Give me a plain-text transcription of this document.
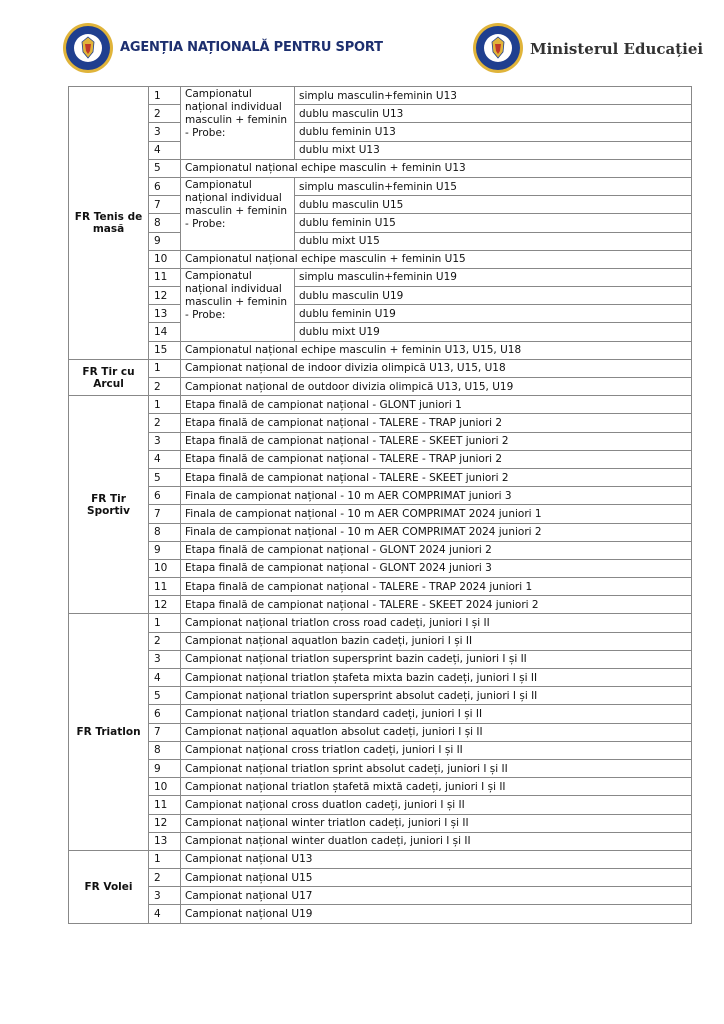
AGENȚIA NAȚIONALĂ PENTRU SPORT	Ministerul Educației
FR Tenis de masă	1	Campionatul național individual masculin + feminin - Probe:	simplu masculin+feminin U13
	2		dublu masculin U13
	3		dublu feminin U13
	4		dublu mixt U13
	5	Campionatul național echipe masculin + feminin U13	
	6	Campionatul național individual masculin + feminin - Probe:	simplu masculin+feminin U15
	7		dublu masculin U15
	8		dublu feminin U15
	9		dublu mixt U15
	10	Campionatul național echipe masculin + feminin U15	
	11	Campionatul național individual masculin + feminin - Probe:	simplu masculin+feminin U19
	12		dublu masculin U19
	13		dublu feminin U19
	14		dublu mixt U19
	15	Campionatul național echipe masculin + feminin U13, U15, U18	
FR Tir cu Arcul	1	Campionat național de indoor divizia olimpică U13, U15, U18	
	2	Campionat național de outdoor divizia olimpică U13, U15, U19	
FR Tir Sportiv	1	Etapa finală de campionat național - GLONT juniori 1	
	2	Etapa finală de campionat național - TALERE - TRAP juniori 2	
	3	Etapa finală de campionat național - TALERE - SKEET juniori 2	
	4	Etapa finală de campionat național - TALERE - TRAP juniori 2	
	5	Etapa finală de campionat național - TALERE - SKEET juniori 2	
	6	Finala de campionat național - 10 m AER COMPRIMAT juniori 3	
	7	Finala de campionat național - 10 m AER COMPRIMAT 2024 juniori 1	
	8	Finala de campionat național - 10 m AER COMPRIMAT 2024 juniori 2	
	9	Etapa finală de campionat național - GLONT 2024 juniori 2	
	10	Etapa finală de campionat național - GLONT 2024 juniori 3	
	11	Etapa finală de campionat național - TALERE - TRAP 2024 juniori 1	
	12	Etapa finală de campionat național - TALERE - SKEET 2024 juniori 2	
FR Triatlon	1	Campionat național triatlon cross road cadeți, juniori I și II	
	2	Campionat național aquatlon bazin cadeți, juniori I și II	
	3	Campionat național triatlon supersprint bazin cadeți, juniori I și II	
	4	Campionat național triatlon ștafeta mixta bazin cadeți, juniori I și II	
	5	Campionat național triatlon supersprint absolut cadeți, juniori I și II	
	6	Campionat național triatlon standard cadeți, juniori I și II	
	7	Campionat național aquatlon absolut cadeți, juniori I și II	
	8	Campionat național cross triatlon cadeți, juniori I și II	
	9	Campionat național triatlon sprint absolut cadeți, juniori I și II	
	10	Campionat național triatlon ștafetă mixtă cadeți, juniori I și II	
	11	Campionat național cross duatlon cadeți, juniori I și II	
	12	Campionat național winter triatlon cadeți, juniori I și II	
	13	Campionat național winter duatlon cadeți, juniori I și II	
FR Volei	1	Campionat național U13	
	2	Campionat național U15	
	3	Campionat național U17	
	4	Campionat național U19	
